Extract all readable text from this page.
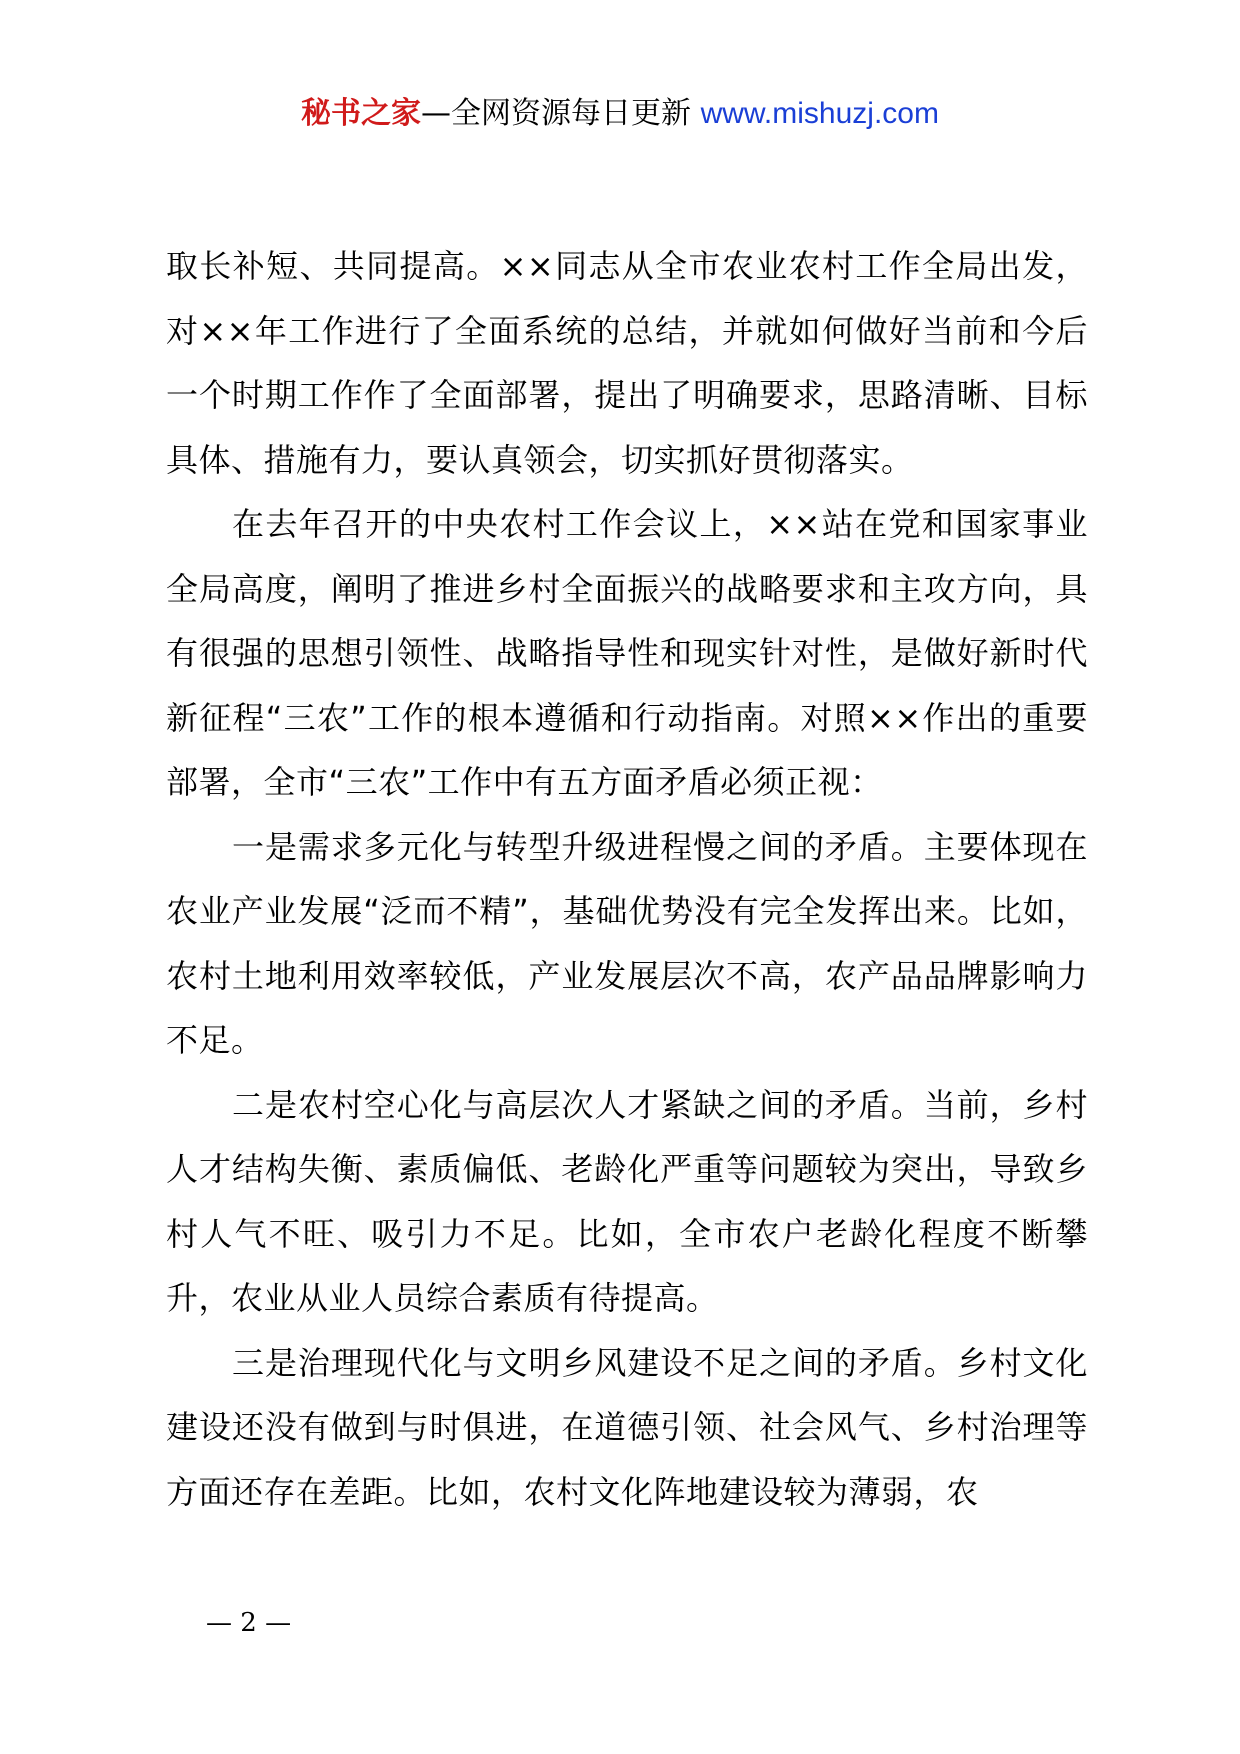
秘书之家—全网资源每日更新 www.mishuzj.com

取长补短、共同提高。××同志从全市农业农村工作全局出发，对××年工作进行了全面系统的总结，并就如何做好当前和今后一个时期工作作了全面部署，提出了明确要求，思路清晰、目标具体、措施有力，要认真领会，切实抓好贯彻落实。

在去年召开的中央农村工作会议上，××站在党和国家事业全局高度，阐明了推进乡村全面振兴的战略要求和主攻方向，具有很强的思想引领性、战略指导性和现实针对性，是做好新时代新征程“三农”工作的根本遵循和行动指南。对照××作出的重要部署，全市“三农”工作中有五方面矛盾必须正视：

一是需求多元化与转型升级进程慢之间的矛盾。主要体现在农业产业发展“泛而不精”，基础优势没有完全发挥出来。比如，农村土地利用效率较低，产业发展层次不高，农产品品牌影响力不足。

二是农村空心化与高层次人才紧缺之间的矛盾。当前，乡村人才结构失衡、素质偏低、老龄化严重等问题较为突出，导致乡村人气不旺、吸引力不足。比如，全市农户老龄化程度不断攀升，农业从业人员综合素质有待提高。

三是治理现代化与文明乡风建设不足之间的矛盾。乡村文化建设还没有做到与时俱进，在道德引领、社会风气、乡村治理等方面还存在差距。比如，农村文化阵地建设较为薄弱，农

— 2 —
